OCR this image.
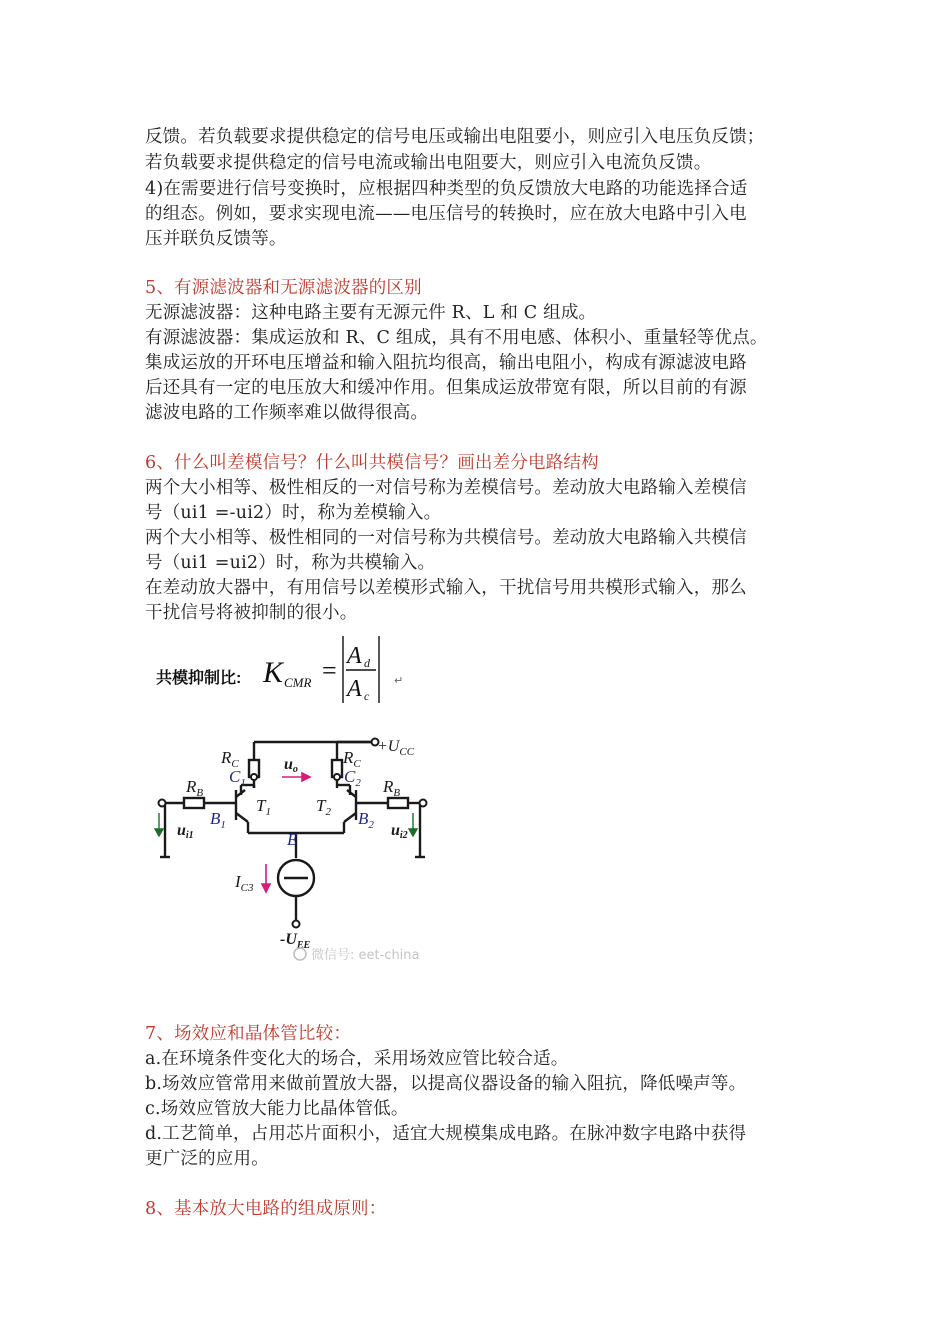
反馈。若负载要求提供稳定的信号电压或输出电阻要小，则应引入电压负反馈；
若负载要求提供稳定的信号电流或输出电阻要大，则应引入电流负反馈。
4)在需要进行信号变换时，应根据四种类型的负反馈放大电路的功能选择合适
的组态。例如，要求实现电流——电压信号的转换时，应在放大电路中引入电
压并联负反馈等。
5、有源滤波器和无源滤波器的区别
无源滤波器：这种电路主要有无源元件 R、L 和 C 组成。
有源滤波器：集成运放和 R、C 组成，具有不用电感、体积小、重量轻等优点。
集成运放的开环电压增益和输入阻抗均很高，输出电阻小，构成有源滤波电路
后还具有一定的电压放大和缓冲作用。但集成运放带宽有限，所以目前的有源
滤波电路的工作频率难以做得很高。
6、什么叫差模信号？什么叫共模信号？画出差分电路结构
两个大小相等、极性相反的一对信号称为差模信号。差动放大电路输入差模信
号（ui1 =-ui2）时，称为差模输入。
两个大小相等、极性相同的一对信号称为共模信号。差动放大电路输入共模信
号（ui1 =ui2）时，称为共模输入。
在差动放大器中，有用信号以差模形式输入，干扰信号用共模形式输入，那么
干扰信号将被抑制的很小。
共模抑制比: K CMR = A d
A c
↵
$R_C$	$R_C$
$C_1$	$C_2$
uo
$+U_{CC}$
$R_B$	$R_B$
$T_1$	$T_2$
$B_1$	$B_2$
E
ui1	ui2
$I_{C3}$
$-U_{EE}$
微信号: eet-china
7、场效应和晶体管比较：
a.在环境条件变化大的场合，采用场效应管比较合适。
b.场效应管常用来做前置放大器，以提高仪器设备的输入阻抗，降低噪声等。
c.场效应管放大能力比晶体管低。
d.工艺简单，占用芯片面积小，适宜大规模集成电路。在脉冲数字电路中获得
更广泛的应用。
8、基本放大电路的组成原则：
